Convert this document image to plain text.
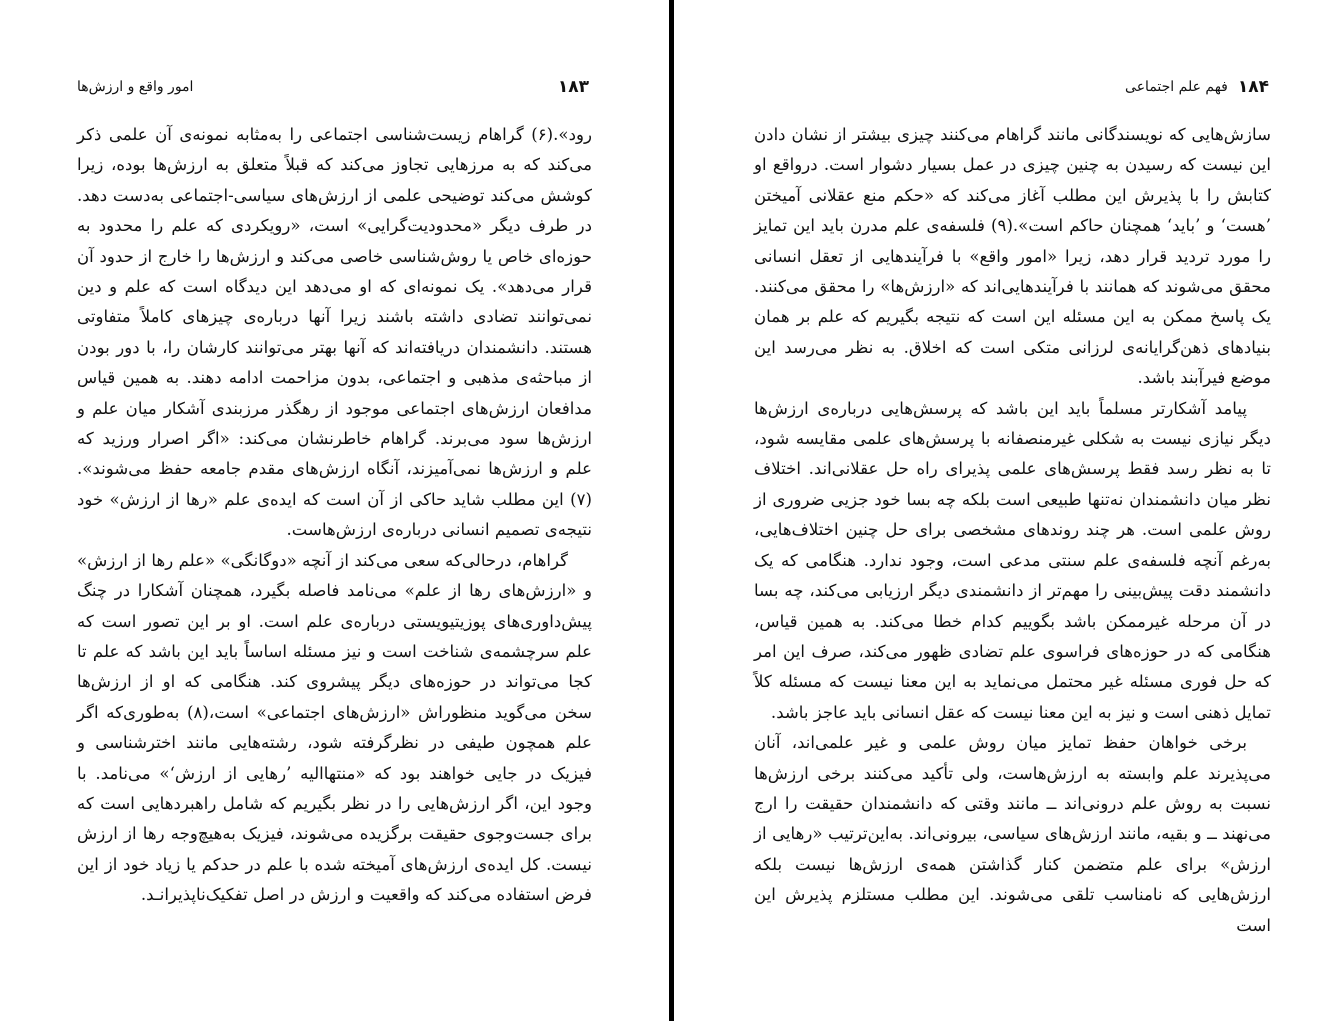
۱۸۳
امور واقع و ارزش‌ها

رود».(۶) گراهام زیست‌شناسی اجتماعی را به‌مثابه نمونه‌ی آن علمی ذکر می‌کند که به مرزهایی تجاوز می‌کند که قبلاً متعلق به ارزش‌ها بوده، زیرا کوشش می‌کند توضیحی علمی از ارزش‌های سیاسی-اجتماعی به‌دست دهد. در طرف دیگر «محدودیت‌گرایی» است، «رویکردی که علم را محدود به حوزه‌ای خاص یا روش‌شناسی خاصی می‌کند و ارزش‌ها را خارج از حدود آن قرار می‌دهد». یک نمونه‌ای که او می‌دهد این دیدگاه است که علم و دین نمی‌توانند تضادی داشته باشند زیرا آنها درباره‌ی چیزهای کاملاً متفاوتی هستند. دانشمندان دریافته‌اند که آنها بهتر می‌توانند کارشان را، با دور بودن از مباحثه‌ی مذهبی و اجتماعی، بدون مزاحمت ادامه دهند. به همین قیاس مدافعان ارزش‌های اجتماعی موجود از رهگذر مرزبندی آشکار میان علم و ارزش‌ها سود می‌برند. گراهام خاطرنشان می‌کند: «اگر اصرار ورزید که علم و ارزش‌ها نمی‌آمیزند، آنگاه ارزش‌های مقدم جامعه حفظ می‌شوند».(۷) این مطلب شاید حاکی از آن است که ایده‌ی علم «رها از ارزش» خود نتیجه‌ی تصمیم انسانی درباره‌ی ارزش‌هاست.

گراهام، درحالی‌که سعی می‌کند از آنچه «دوگانگی» «علم رها از ارزش» و «ارزش‌های رها از علم» می‌نامد فاصله بگیرد، همچنان آشکارا در چنگ پیش‌داوری‌های پوزیتیویستی درباره‌ی علم است. او بر این تصور است که علم سرچشمه‌ی شناخت است و نیز مسئله اساساً باید این باشد که علم تا کجا می‌تواند در حوزه‌های دیگر پیشروی کند. هنگامی که او از ارزش‌ها سخن می‌گوید منظوراش «ارزش‌های اجتماعی» است،(۸) به‌طوری‌که اگر علم همچون طیفی در نظرگرفته شود، رشته‌هایی مانند اخترشناسی و فیزیک در جایی خواهند بود که «منتهاالیه ’رهایی از ارزش‘» می‌نامد. با وجود این، اگر ارزش‌هایی را در نظر بگیریم که شامل راهبردهایی است که برای جست‌وجوی حقیقت برگزیده می‌شوند، فیزیک به‌هیچ‌وجه رها از ارزش نیست. کل ایده‌ی ارزش‌های آمیخته شده با علم در حدکم یا زیاد خود از این فرض استفاده می‌کند که واقعیت و ارزش در اصل تفکیک‌ناپذیرانـد.

۱۸۴
فهم علم اجتماعی

سازش‌هایی که نویسندگانی مانند گراهام می‌کنند چیزی بیشتر از نشان دادن این نیست که رسیدن به چنین چیزی در عمل بسیار دشوار است. درواقع او کتابش را با پذیرش این مطلب آغاز می‌کند که «حکم منع عقلانی آمیختن ’هست‘ و ’باید‘ همچنان حاکم است».(۹) فلسفه‌ی علم مدرن باید این تمایز را مورد تردید قرار دهد، زیرا «امور واقع» با فرآیندهایی از تعقل انسانی محقق می‌شوند که همانند با فرآیندهایی‌اند که «ارزش‌ها» را محقق می‌کنند. یک پاسخ ممکن به این مسئله این است که نتیجه بگیریم که علم بر همان بنیادهای ذهن‌گرایانه‌ی لرزانی متکی است که اخلاق. به نظر می‌رسد این موضع فیرآبند باشد.

پیامد آشکارتر مسلماً باید این باشد که پرسش‌هایی درباره‌ی ارزش‌ها دیگر نیازی نیست به شکلی غیرمنصفانه با پرسش‌های علمی مقایسه شود، تا به نظر رسد فقط پرسش‌های علمی پذیرای راه حل عقلانی‌اند. اختلاف نظر میان دانشمندان نه‌تنها طبیعی است بلکه چه بسا خود جزیی ضروری از روش علمی است. هر چند روندهای مشخصی برای حل چنین اختلاف‌هایی، به‌رغم آنچه فلسفه‌ی علم سنتی مدعی است، وجود ندارد. هنگامی که یک دانشمند دقت پیش‌بینی را مهم‌تر از دانشمندی دیگر ارزیابی می‌کند، چه بسا در آن مرحله غیرممکن باشد بگوییم کدام خطا می‌کند. به همین قیاس، هنگامی که در حوزه‌های فراسوی علم تضادی ظهور می‌کند، صرف این امر که حل فوری مسئله غیر محتمل می‌نماید به این معنا نیست که مسئله کلاً تمایل ذهنی است و نیز به این معنا نیست که عقل انسانی باید عاجز باشد.

برخی خواهان حفظ تمایز میان روش علمی و غیر علمی‌اند، آنان می‌پذیرند علم وابسته به ارزش‌هاست، ولی تأکید می‌کنند برخی ارزش‌ها نسبت به روش علم درونی‌اند ــ مانند وقتی که دانشمندان حقیقت را ارج می‌نهند ــ و بقیه، مانند ارزش‌های سیاسی، بیرونی‌اند. به‌این‌ترتیب «رهایی از ارزش» برای علم متضمن کنار گذاشتن همه‌ی ارزش‌ها نیست بلکه ارزش‌هایی که نامناسب تلقی می‌شوند. این مطلب مستلزم پذیرش این است
